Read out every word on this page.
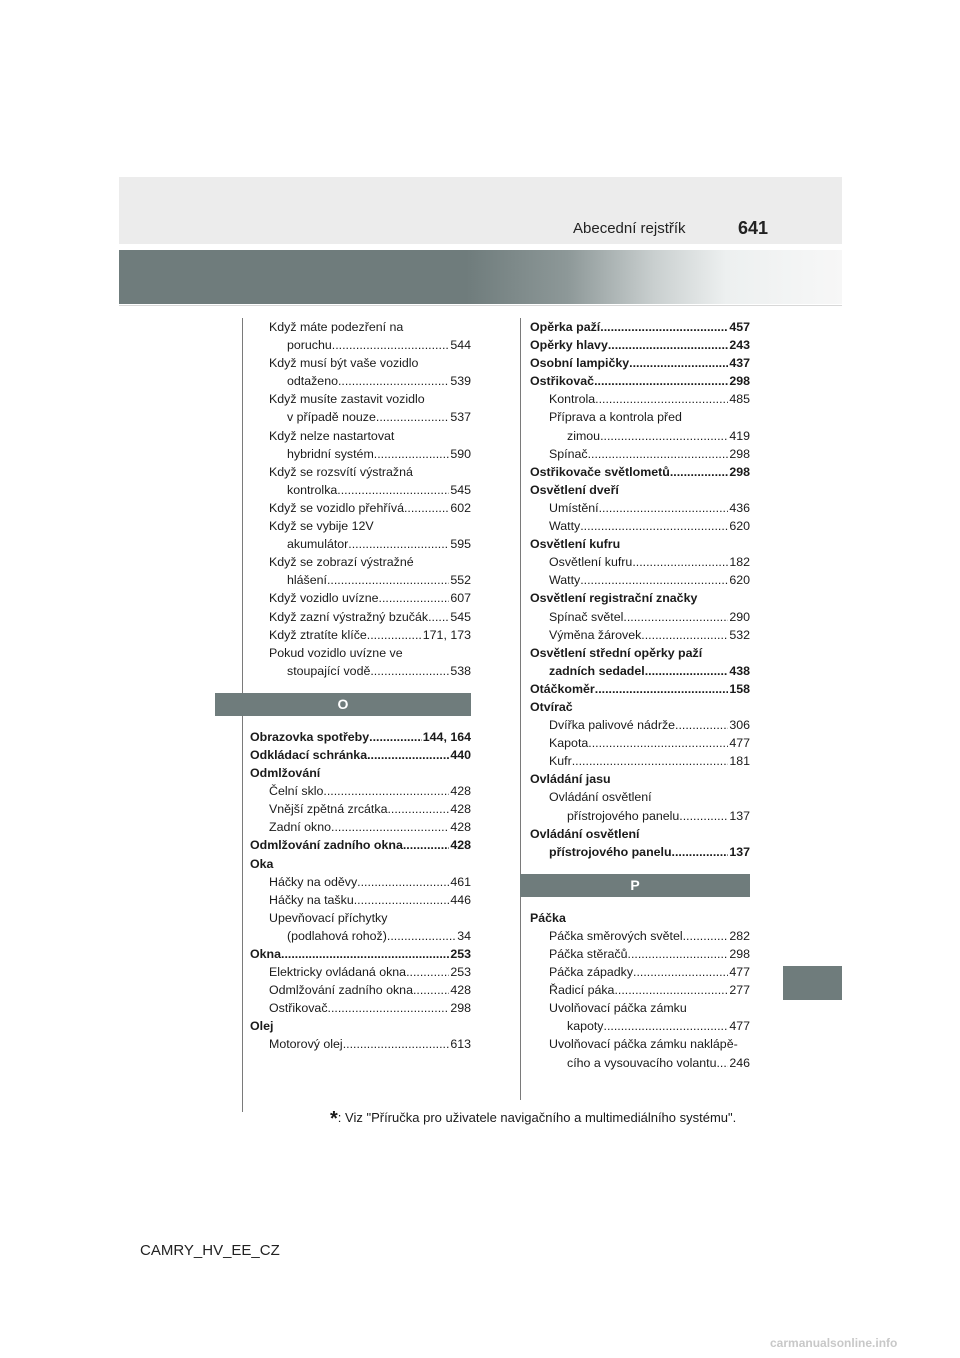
Abecední rejstřík	641
Když máte podezření na
poruchu .....	544
Když musí být vaše vozidlo
odtaženo .....	539
Když musíte zastavit vozidlo
v případě nouze .....	537
Když nelze nastartovat
hybridní systém .....	590
Když se rozsvítí výstražná
kontrolka .....	545
Když se vozidlo přehřívá .....	602
Když se vybije 12V
akumulátor .....	595
Když se zobrazí výstražné
hlášení .....	552
Když vozidlo uvízne .....	607
Když zazní výstražný bzučák ..... 545
Když ztratíte klíče .....	171, 173
Pokud vozidlo uvízne ve
stoupající vodě .....	538
O
Obrazovka spotřeby .....	144, 164
Odkládací schránka .....	440
Odmlžování
Čelní sklo .....	428
Vnější zpětná zrcátka .....	428
Zadní okno .....	428
Odmlžování zadního okna .....	428
Oka
Háčky na oděvy .....	461
Háčky na tašku .....	446
Upevňovací příchytky
(podlahová rohož) .....	34
Okna .....	253
Elektricky ovládaná okna .....	253
Odmlžování zadního okna .....	428
Ostřikovač .....	298
Olej
Motorový olej .....	613
Opěrka paží .....	457
Opěrky hlavy .....	243
Osobní lampičky .....	437
Ostřikovač .....	298
Kontrola .....	485
Příprava a kontrola před
zimou .....	419
Spínač .....	298
Ostřikovače světlometů .....	298
Osvětlení dveří
Umístění .....	436
Watty .....	620
Osvětlení kufru
Osvětlení kufru .....	182
Watty .....	620
Osvětlení registrační značky
Spínač světel .....	290
Výměna žárovek .....	532
Osvětlení střední opěrky paží
zadních sedadel .....	438
Otáčkoměr .....	158
Otvírač
Dvířka palivové nádrže .....	306
Kapota .....	477
Kufr .....	181
Ovládání jasu
Ovládání osvětlení
přístrojového panelu .....	137
Ovládání osvětlení
přístrojového panelu .....	137
P
Páčka
Páčka směrových světel .....	282
Páčka stěračů .....	298
Páčka západky .....	477
Řadicí páka .....	277
Uvolňovací páčka zámku
kapoty .....	477
Uvolňovací páčka zámku naklápě-
cího a vysouvacího volantu ..... 246
*: Viz "Příručka pro uživatele navigačního a multimediálního systému".
CAMRY_HV_EE_CZ
carmanualsonline.info
